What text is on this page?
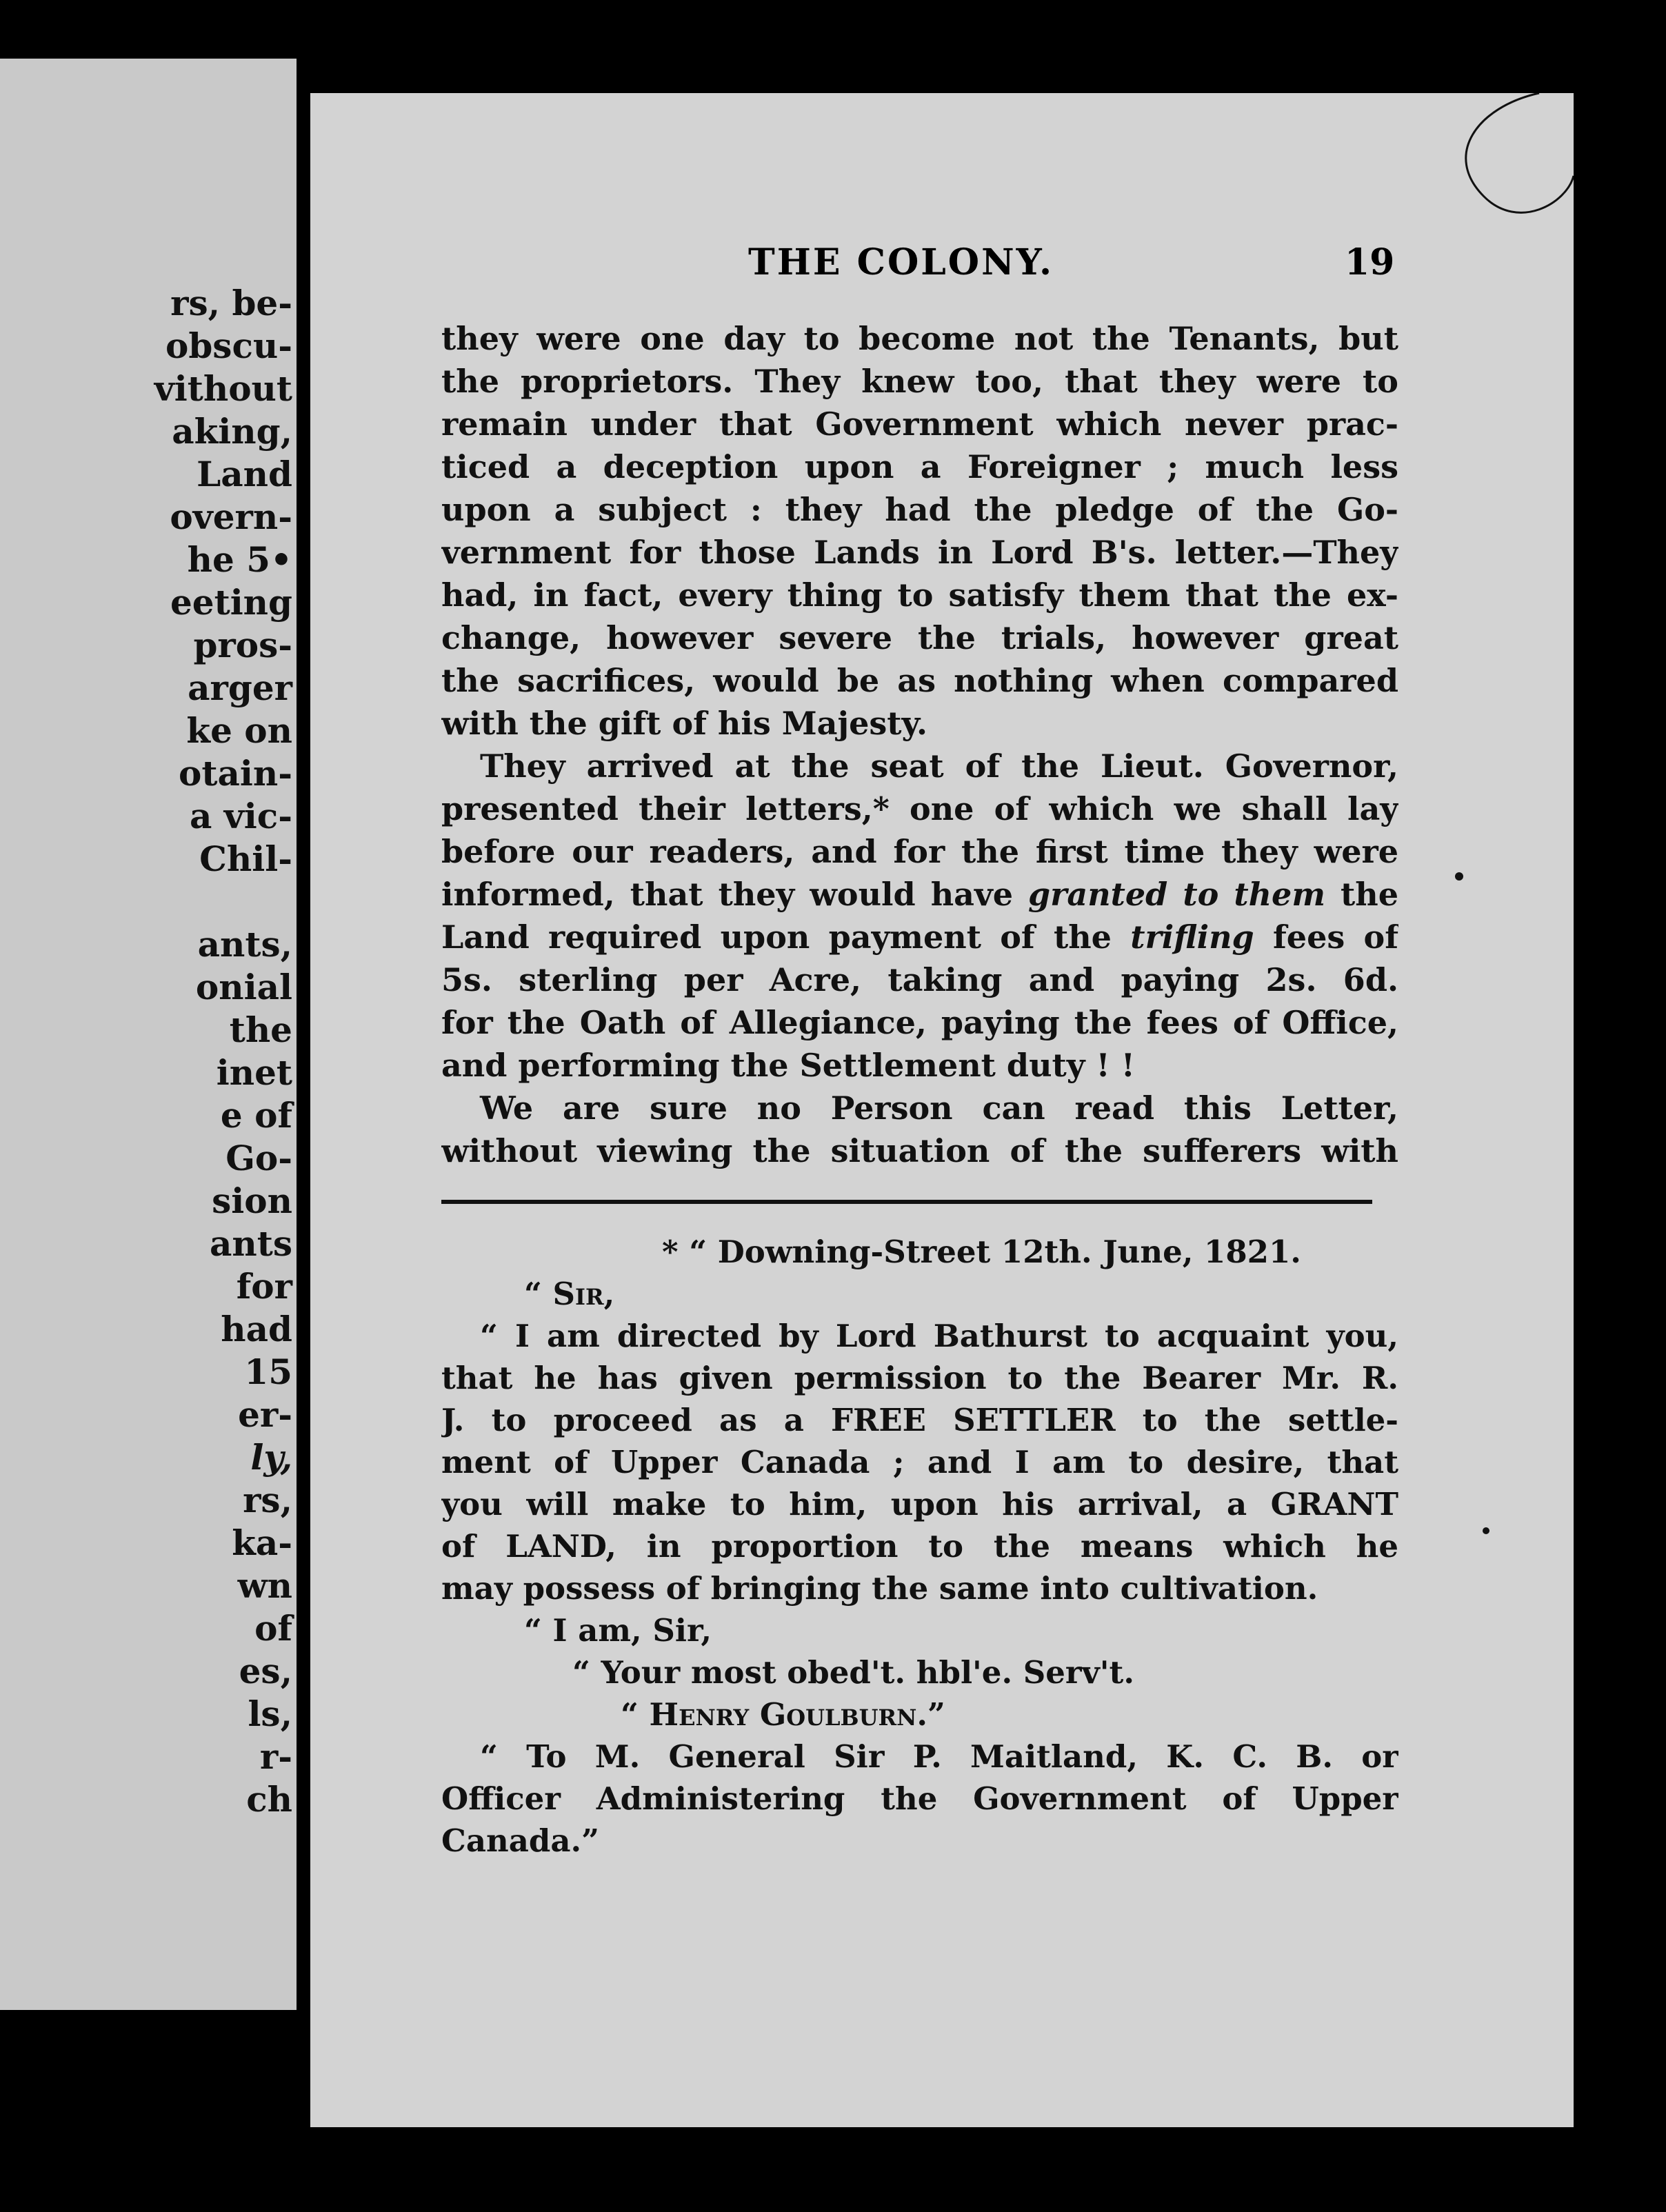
rs, be-

obscu-

vithout

aking,

Land

overn-

he 5•

eeting

pros-

arger

ke on

otain-

a vic-

Chil-

ants,

onial

the

inet

e of

Go-

sion

ants

for

had

15

er-

ly,

rs,

ka-

wn

of

es,

ls,

r-

ch

THE COLONY.	19

they were one day to become not the Tenants, but

the proprietors. They knew too, that they were to

remain under that Government which never prac-

ticed a deception upon a Foreigner ; much less

upon a subject : they had the pledge of the Go-

vernment for those Lands in Lord B's. letter.—They

had, in fact, every thing to satisfy them that the ex-

change, however severe the trials, however great

the sacrifices, would be as nothing when compared

with the gift of his Majesty.

They arrived at the seat of the Lieut. Governor,

presented their letters,* one of which we shall lay

before our readers, and for the first time they were

informed, that they would have granted to them the

Land required upon payment of the trifling fees of

5s. sterling per Acre, taking and paying 2s. 6d.

for the Oath of Allegiance, paying the fees of Office,

and performing the Settlement duty ! !

We are sure no Person can read this Letter,

without viewing the situation of the sufferers with

* “ Downing-Street 12th. June, 1821.

“ Sir,

“ I am directed by Lord Bathurst to acquaint you,

that he has given permission to the Bearer Mr. R.

J. to proceed as a FREE SETTLER to the settle-

ment of Upper Canada ; and I am to desire, that

you will make to him, upon his arrival, a GRANT

of LAND, in proportion to the means which he

may possess of bringing the same into cultivation.

“ I am, Sir,

“ Your most obed't. hbl'e. Serv't.

“ Henry Goulburn.”

“ To M. General Sir P. Maitland, K. C. B. or

Officer Administering the Government of Upper

Canada.”
